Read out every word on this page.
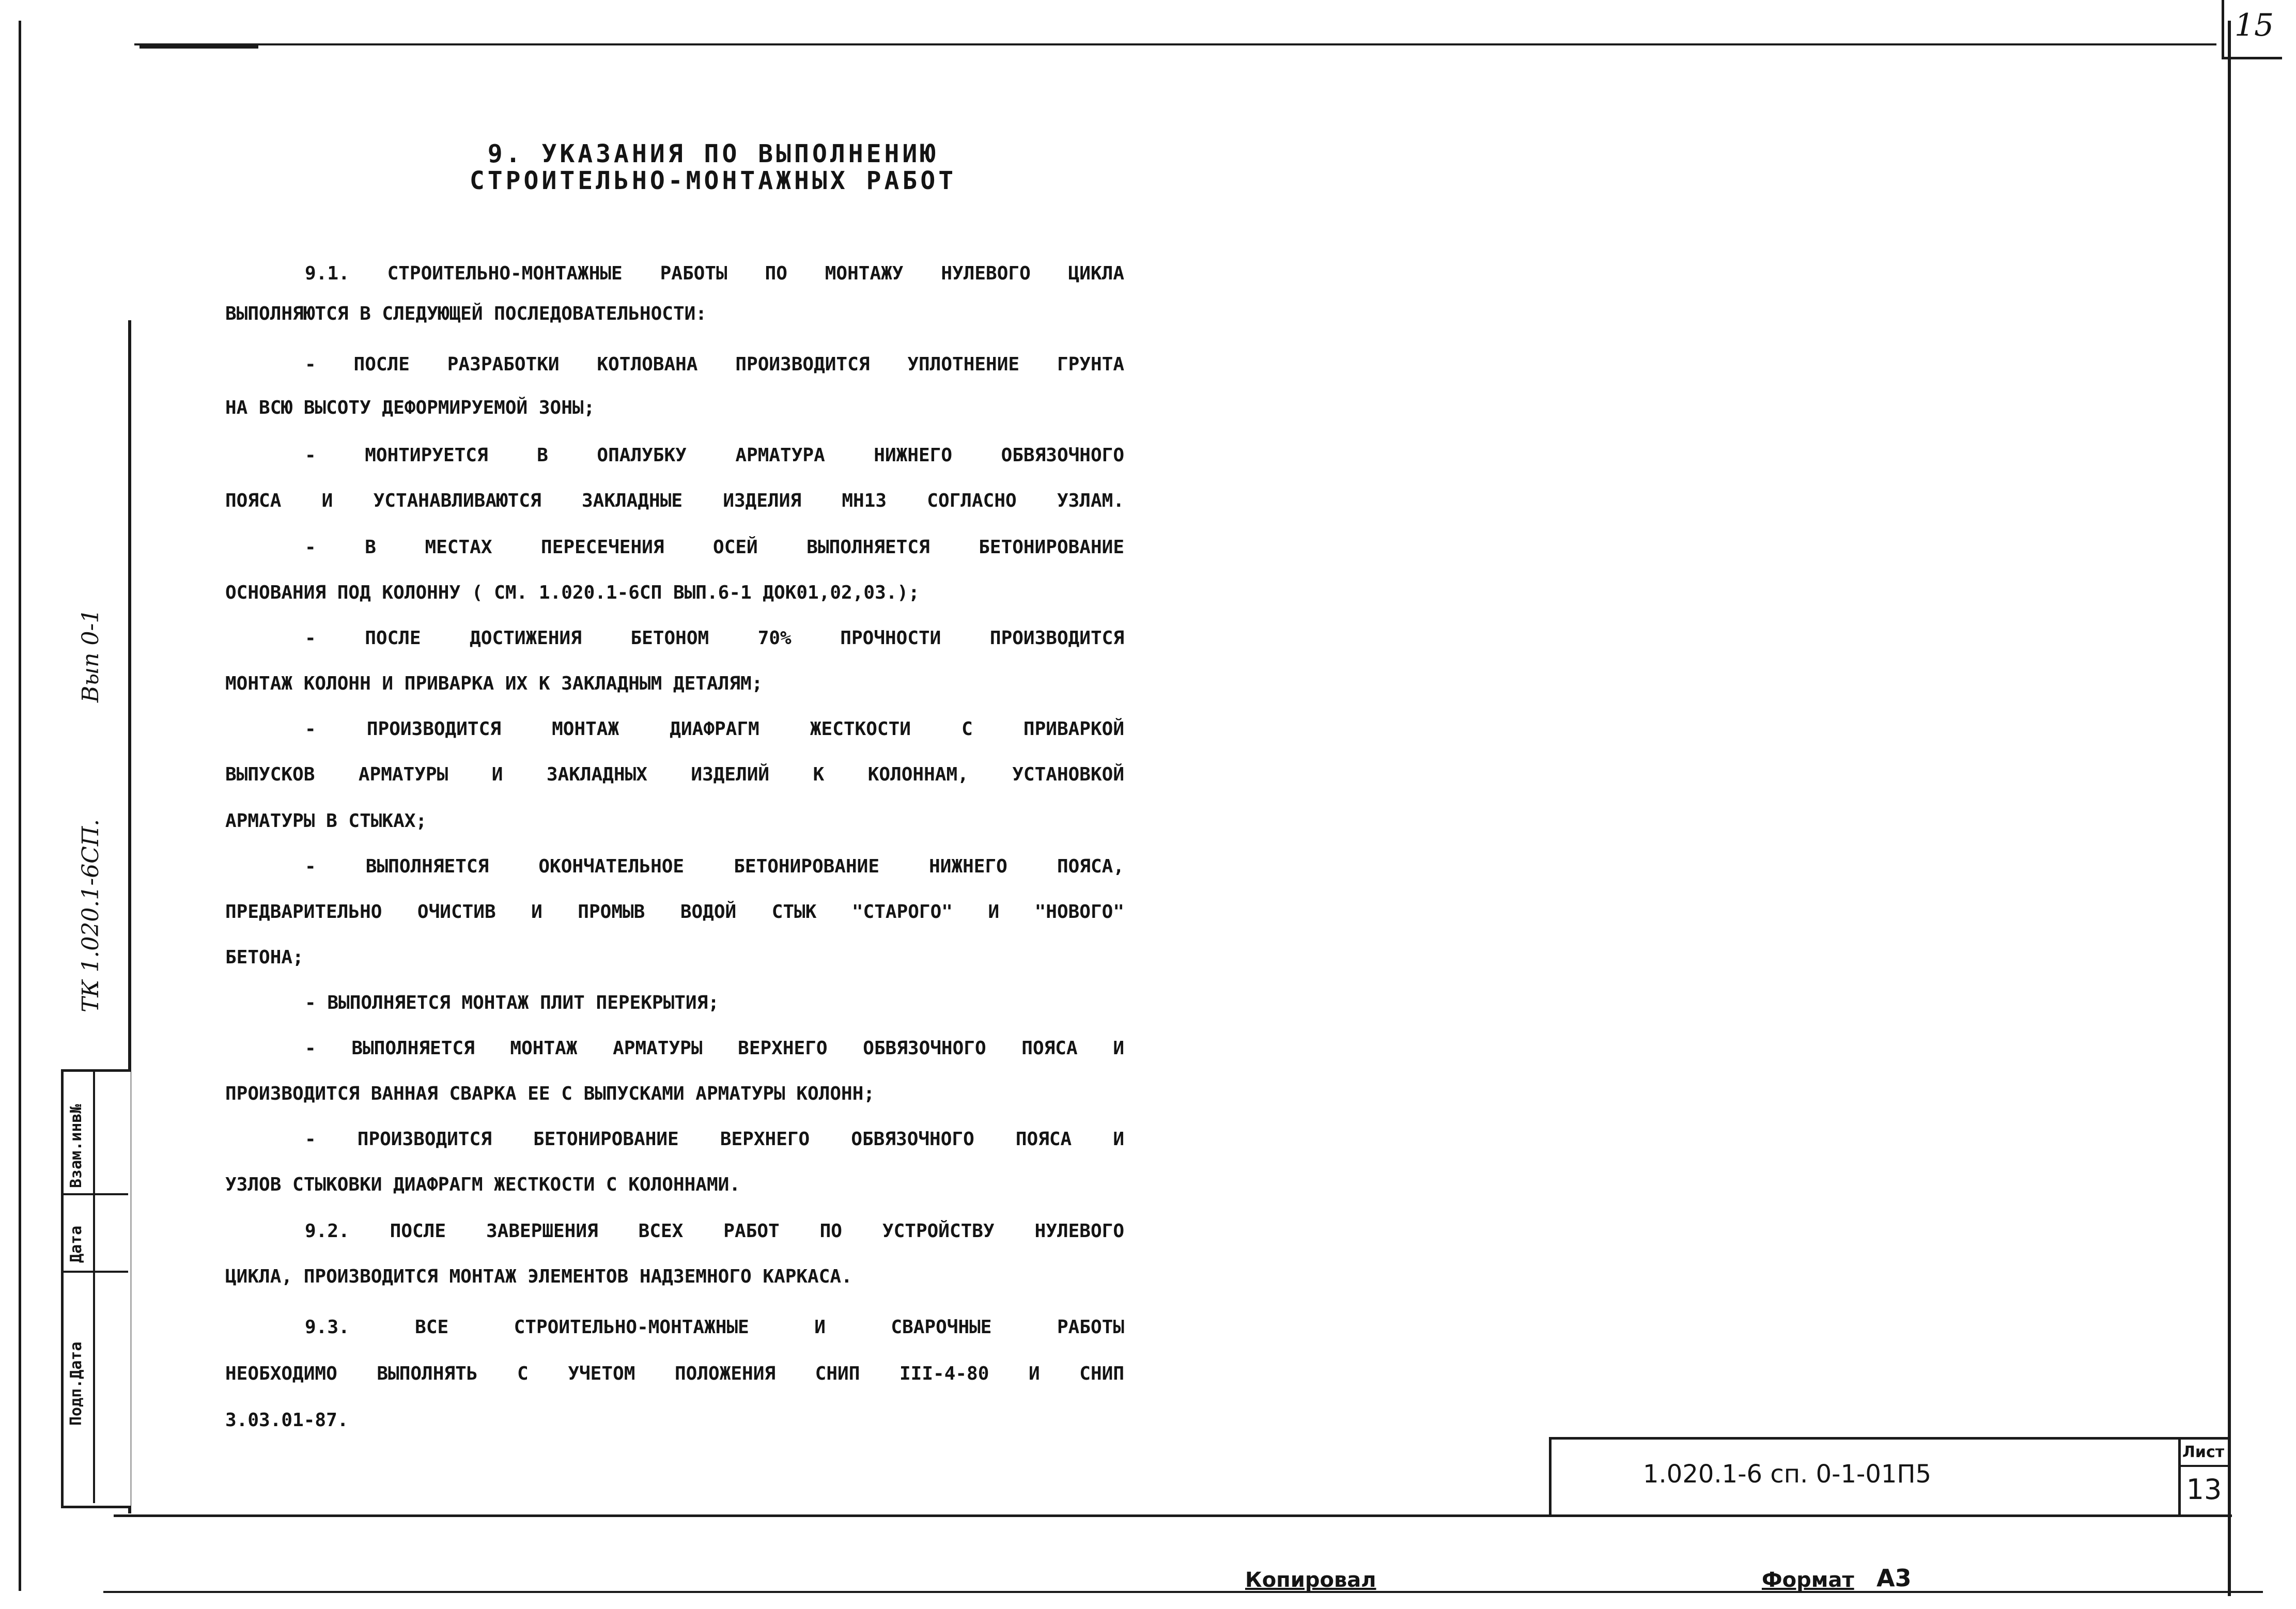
15
9. УКАЗАНИЯ ПО ВЫПОЛНЕНИЮ
СТРОИТЕЛЬНО-МОНТАЖНЫХ РАБОТ
9.1. СТРОИТЕЛЬНО-МОНТАЖНЫЕ РАБОТЫ ПО МОНТАЖУ НУЛЕВОГО ЦИКЛА
ВЫПОЛНЯЮТСЯ В СЛЕДУЮЩЕЙ ПОСЛЕДОВАТЕЛЬНОСТИ:
- ПОСЛЕ РАЗРАБОТКИ КОТЛОВАНА ПРОИЗВОДИТСЯ УПЛОТНЕНИЕ ГРУНТА
НА ВСЮ ВЫСОТУ ДЕФОРМИРУЕМОЙ ЗОНЫ;
- МОНТИРУЕТСЯ В ОПАЛУБКУ АРМАТУРА НИЖНЕГО ОБВЯЗОЧНОГО
ПОЯСА И УСТАНАВЛИВАЮТСЯ ЗАКЛАДНЫЕ ИЗДЕЛИЯ МН13 СОГЛАСНО УЗЛАМ.
- В МЕСТАХ ПЕРЕСЕЧЕНИЯ ОСЕЙ ВЫПОЛНЯЕТСЯ БЕТОНИРОВАНИЕ
ОСНОВАНИЯ ПОД КОЛОННУ ( СМ. 1.020.1-6СП ВЫП.6-1 ДОК01,02,03.);
- ПОСЛЕ ДОСТИЖЕНИЯ БЕТОНОМ 70% ПРОЧНОСТИ ПРОИЗВОДИТСЯ
МОНТАЖ КОЛОНН И ПРИВАРКА ИХ К ЗАКЛАДНЫМ ДЕТАЛЯМ;
- ПРОИЗВОДИТСЯ МОНТАЖ ДИАФРАГМ ЖЕСТКОСТИ С ПРИВАРКОЙ
ВЫПУСКОВ АРМАТУРЫ И ЗАКЛАДНЫХ ИЗДЕЛИЙ К КОЛОННАМ, УСТАНОВКОЙ
АРМАТУРЫ В СТЫКАХ;
- ВЫПОЛНЯЕТСЯ ОКОНЧАТЕЛЬНОЕ БЕТОНИРОВАНИЕ НИЖНЕГО ПОЯСА,
ПРЕДВАРИТЕЛЬНО ОЧИСТИВ И ПРОМЫВ ВОДОЙ СТЫК "СТАРОГО" И "НОВОГО"
БЕТОНА;
- ВЫПОЛНЯЕТСЯ МОНТАЖ ПЛИТ ПЕРЕКРЫТИЯ;
- ВЫПОЛНЯЕТСЯ МОНТАЖ АРМАТУРЫ ВЕРХНЕГО ОБВЯЗОЧНОГО ПОЯСА И
ПРОИЗВОДИТСЯ ВАННАЯ СВАРКА ЕЕ С ВЫПУСКАМИ АРМАТУРЫ КОЛОНН;
- ПРОИЗВОДИТСЯ БЕТОНИРОВАНИЕ ВЕРХНЕГО ОБВЯЗОЧНОГО ПОЯСА И
УЗЛОВ СТЫКОВКИ ДИАФРАГМ ЖЕСТКОСТИ С КОЛОННАМИ.
9.2. ПОСЛЕ ЗАВЕРШЕНИЯ ВСЕХ РАБОТ ПО УСТРОЙСТВУ НУЛЕВОГО
ЦИКЛА, ПРОИЗВОДИТСЯ МОНТАЖ ЭЛЕМЕНТОВ НАДЗЕМНОГО КАРКАСА.
9.3. ВСЕ СТРОИТЕЛЬНО-МОНТАЖНЫЕ И СВАРОЧНЫЕ РАБОТЫ
НЕОБХОДИМО ВЫПОЛНЯТЬ С УЧЕТОМ ПОЛОЖЕНИЯ СНИП III-4-80 И СНИП
3.03.01-87.
ТК 1.020.1-6СП.
Вып 0-1
Взам.инв№
Дата
Подп.Дата
1.020.1-6 сп. 0-1-01П5
Лист
13
Копировал	Формат А3
